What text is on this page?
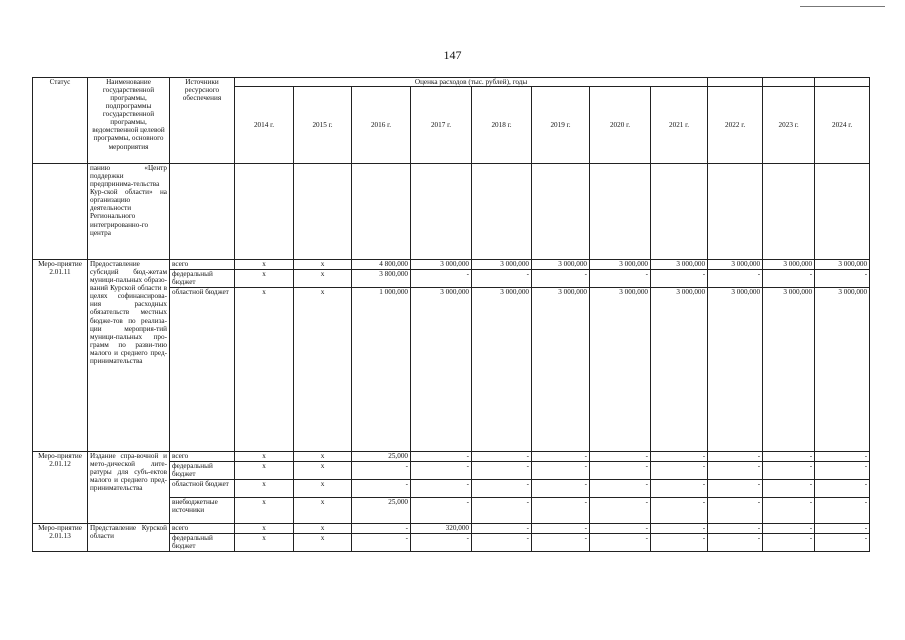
147
Статус	Наименование государственной программы, подпрограммы государственной программы, ведомственной целевой программы, основного мероприятия	Источники ресурсного обеспечения	Оценка расходов (тыс. рублей), годы										
			2014 г.	2015 г.	2016 г.	2017 г.	2018 г.	2019 г.	2020 г.	2021 г.	2022 г.	2023 г.	2024 г.
	панию «Центр поддержки предпринима-тельства Кур-ской области» на организацию деятельности Регионального интегрированно-го центра												
Меро-приятие 2.01.11	Предоставление субсидий бюд-жетам муници-пальных образо-ваний Курской области в целях софинансирова-ния расходных обязательств местных бюдже-тов по реализа-ции мероприя-тий муници-пальных про-грамм по разви-тию малого и среднего пред-принимательства	всего	х	х	4 800,000	3 000,000	3 000,000	3 000,000	3 000,000	3 000,000	3 000,000	3 000,000	3 000,000
		федеральный бюджет	х	х	3 800,000	-	-	-	-	-	-	-	-
		областной бюджет	х	х	1 000,000	3 000,000	3 000,000	3 000,000	3 000,000	3 000,000	3 000,000	3 000,000	3 000,000
Меро-приятие 2.01.12	Издание спра-вочной и мето-дической лите-ратуры для субъ-ектов малого и среднего пред-принимательства	всего	х	х	25,000	-	-	-	-	-	-	-	-
		федеральный бюджет	х	х	-	-	-	-	-	-	-	-	-
		областной бюджет	х	х	-	-	-	-	-	-	-	-	-
		внебюджетные источники	х	х	25,000	-	-	-	-	-	-	-	-
Меро-приятие 2.01.13	Представление Курской области	всего	х	х	-	320,000	-	-	-	-	-	-	-
		федеральный бюджет	х	х	-	-	-	-	-	-	-	-	-
